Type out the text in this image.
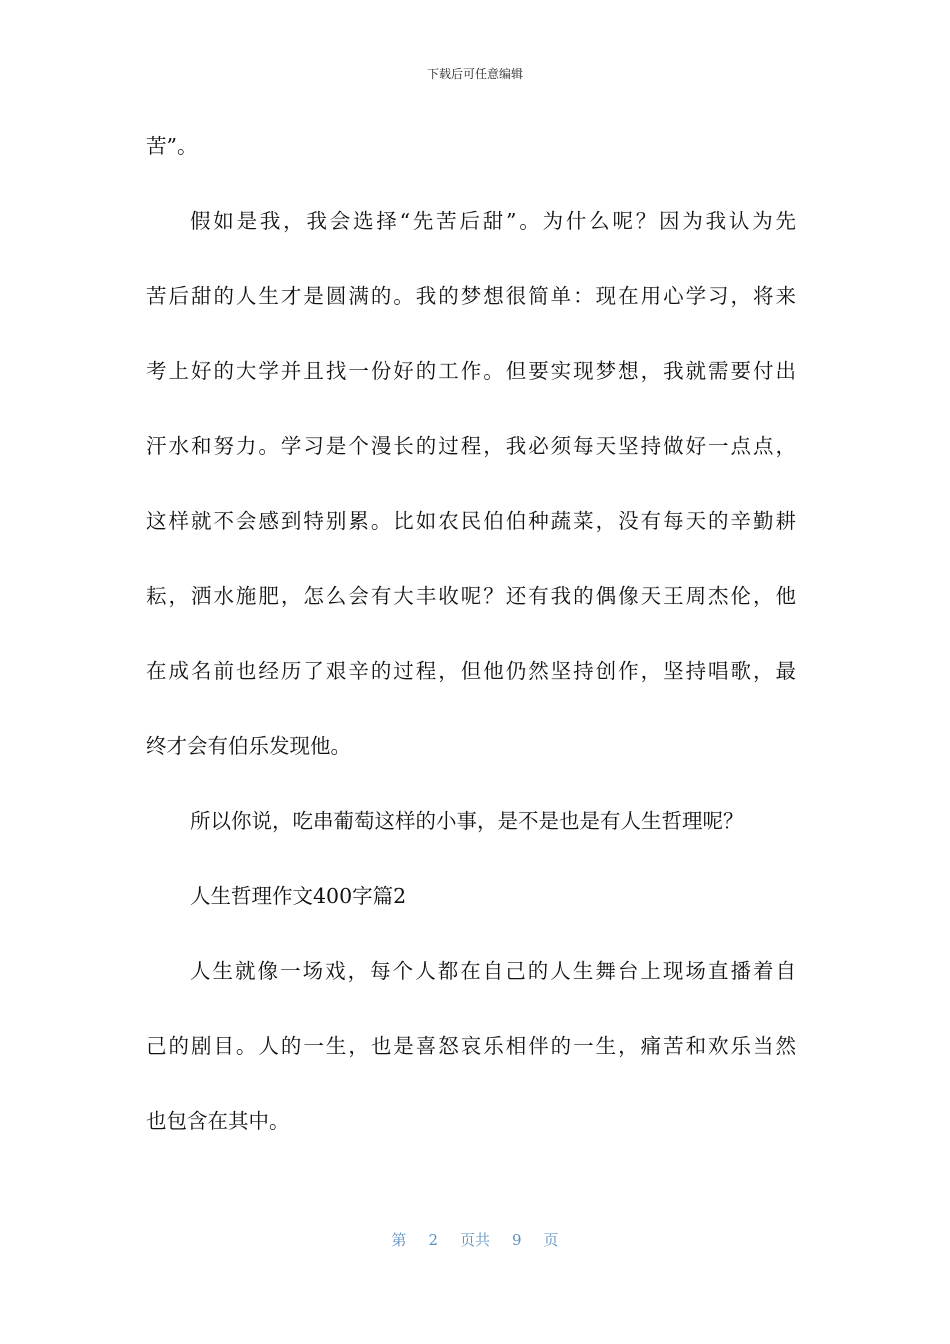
下载后可任意编辑
苦”。
假如是我，我会选择“先苦后甜”。为什么呢？因为我认为先
苦后甜的人生才是圆满的。我的梦想很简单：现在用心学习，将来
考上好的大学并且找一份好的工作。但要实现梦想，我就需要付出
汗水和努力。学习是个漫长的过程，我必须每天坚持做好一点点，
这样就不会感到特别累。比如农民伯伯种蔬菜，没有每天的辛勤耕
耘，洒水施肥，怎么会有大丰收呢？还有我的偶像天王周杰伦，他
在成名前也经历了艰辛的过程，但他仍然坚持创作，坚持唱歌，最
终才会有伯乐发现他。
所以你说，吃串葡萄这样的小事，是不是也是有人生哲理呢？
人生哲理作文400字篇2
人生就像一场戏，每个人都在自己的人生舞台上现场直播着自
己的剧目。人的一生，也是喜怒哀乐相伴的一生，痛苦和欢乐当然
也包含在其中。
第 2 页共 9 页
